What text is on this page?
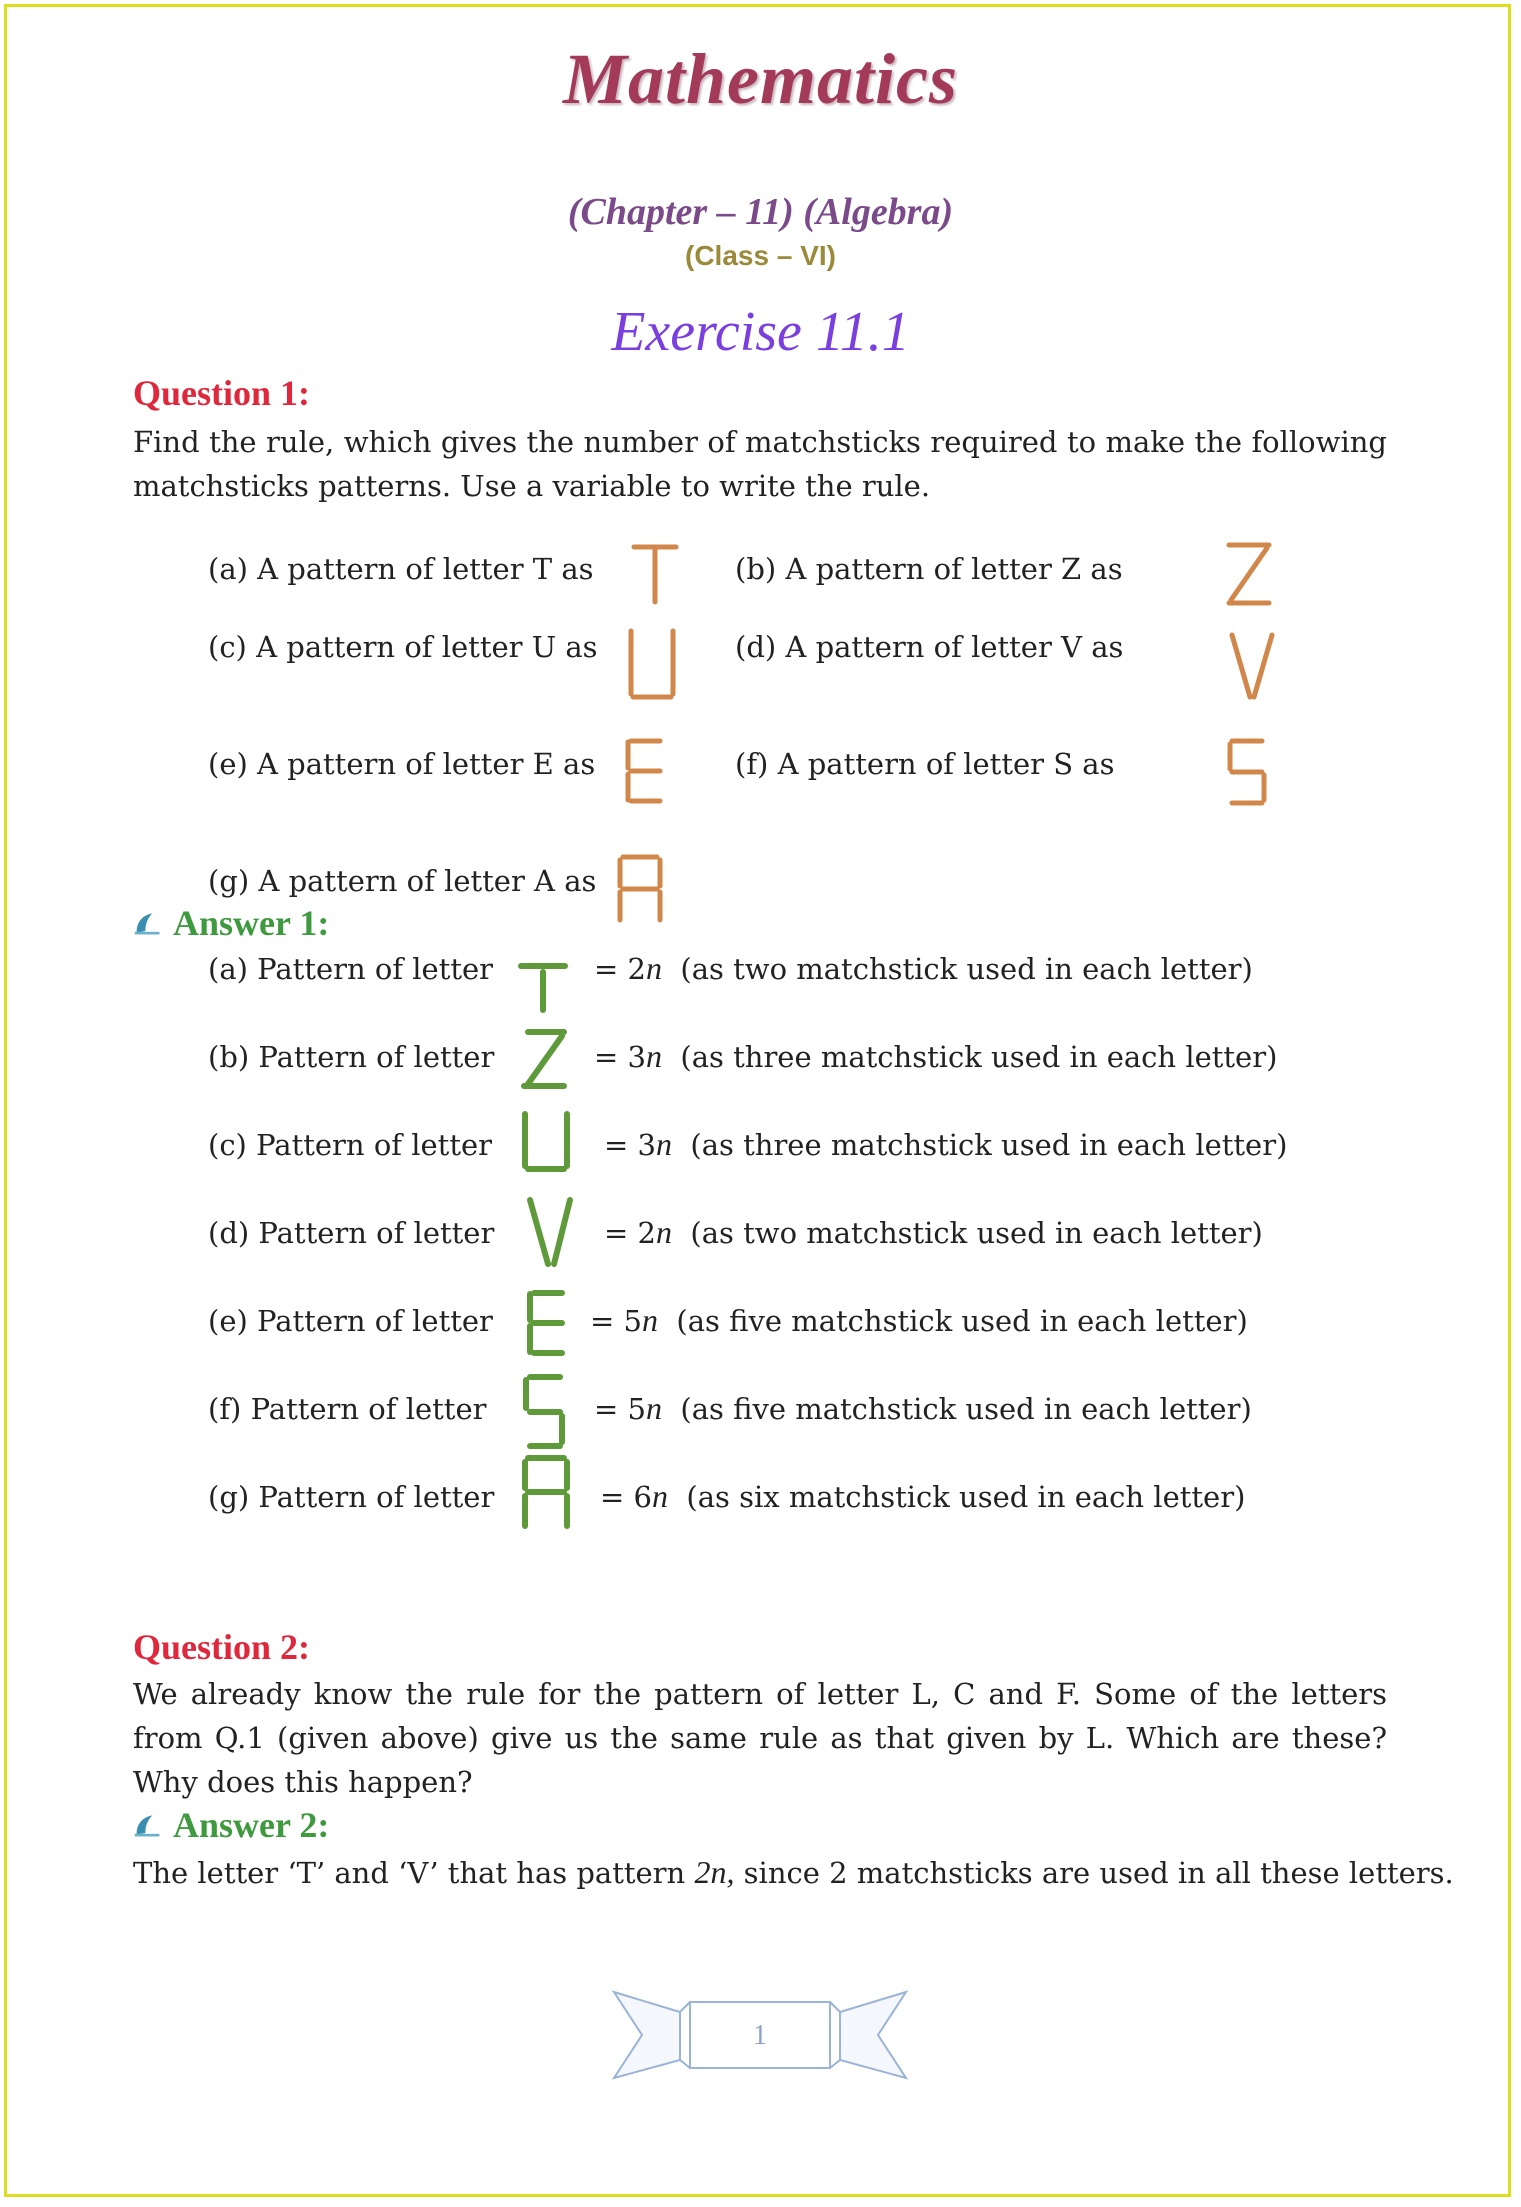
Mathematics
(Chapter – 11) (Algebra)
(Class – VI)
Exercise 11.1
Question 1:
Find the rule, which gives the number of matchsticks required to make the following matchsticks patterns. Use a variable to write the rule.
(a) A pattern of letter T as	(b) A pattern of letter Z as
(c) A pattern of letter U as	(d) A pattern of letter V as
(e) A pattern of letter E as	(f) A pattern of letter S as
(g) A pattern of letter A as
Answer 1:
(a) Pattern of letter	= 2n (as two matchstick used in each letter)
(b) Pattern of letter	= 3n (as three matchstick used in each letter)
(c) Pattern of letter	= 3n (as three matchstick used in each letter)
(d) Pattern of letter	= 2n (as two matchstick used in each letter)
(e) Pattern of letter	= 5n (as five matchstick used in each letter)
(f) Pattern of letter	= 5n (as five matchstick used in each letter)
(g) Pattern of letter	= 6n (as six matchstick used in each letter)
Question 2:
We already know the rule for the pattern of letter L, C and F. Some of the letters from Q.1 (given above) give us the same rule as that given by L. Which are these? Why does this happen?
Answer 2:
The letter ‘T’ and ‘V’ that has pattern 2n, since 2 matchsticks are used in all these letters.
1
